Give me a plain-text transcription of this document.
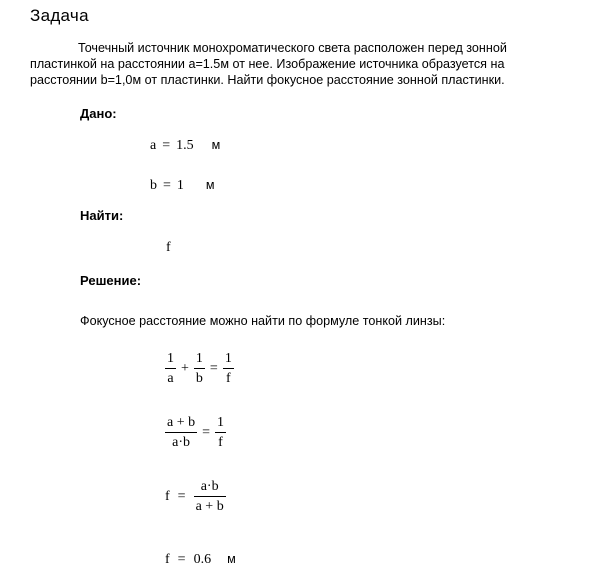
Задача
Точечный источник монохроматического света расположен перед зонной
пластинкой на расстоянии а=1.5м от нее. Изображение источника образуется на
расстоянии b=1,0м от пластинки. Найти фокусное расстояние зонной пластинки.
Дано:
a = 1.5	м
b = 1	м
Найти:
f
Решение:
Фокусное расстояние можно найти по формуле тонкой линзы:
$\frac{1}{a} + \frac{1}{b} = \frac{1}{f}$
$\frac{a + b}{a\cdot b} = \frac{1}{f}$
$f = \frac{a\cdot b}{a + b}$
f = 0.6	м
